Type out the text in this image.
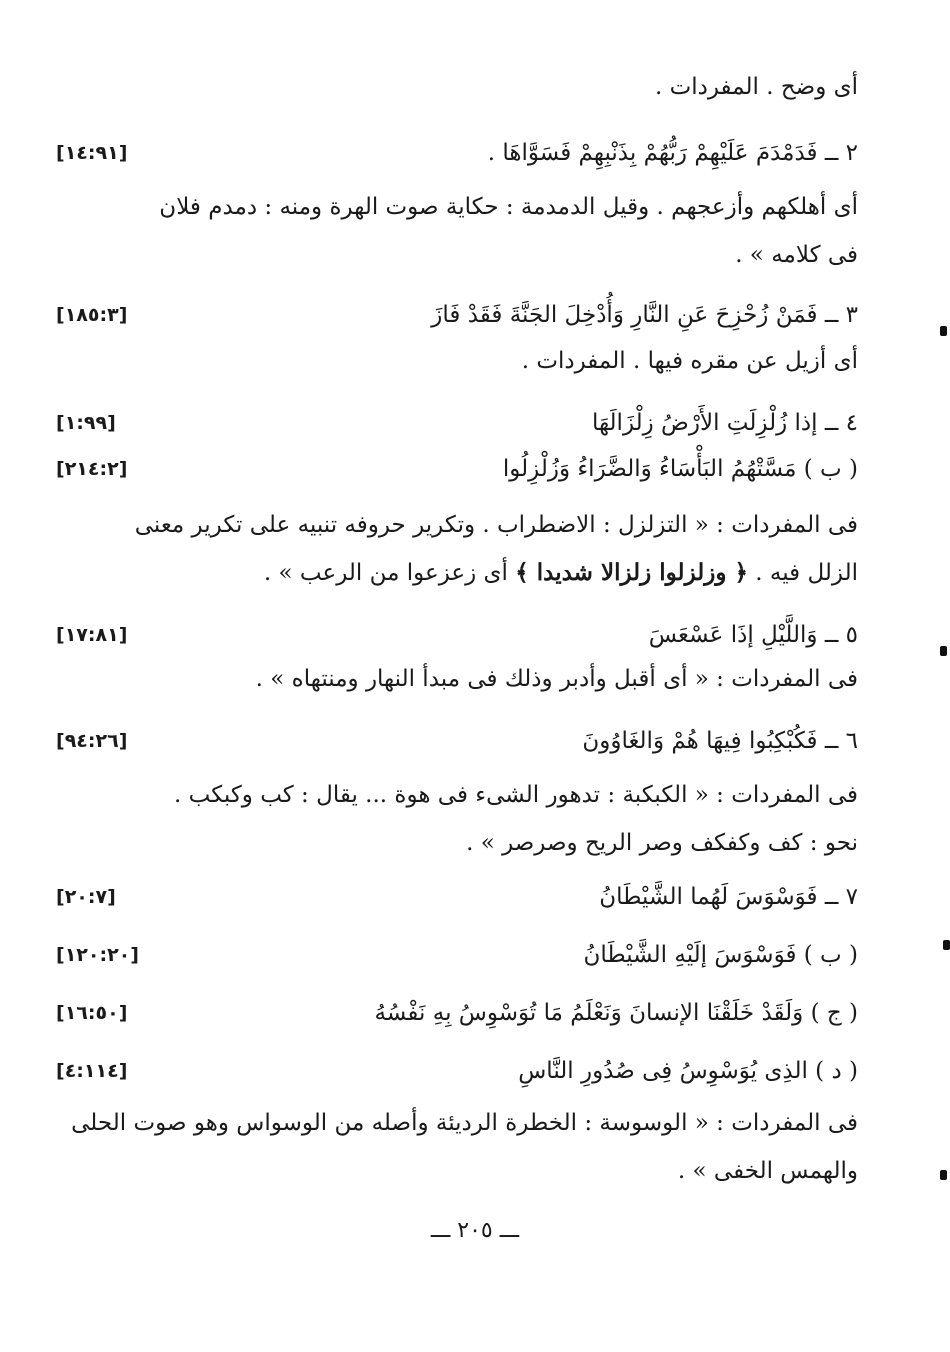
أى وضح . المفردات .
٢ ــ فَدَمْدَمَ عَلَيْهِمْ رَبُّهُمْ بِذَنْبِهِمْ فَسَوَّاهَا .
[١٤:٩١]
أى أهلكهم وأزعجهم . وقيل الدمدمة : حكاية صوت الهرة ومنه : دمدم فلان
فى كلامه » .
٣ ــ فَمَنْ زُحْزِحَ عَنِ النَّارِ وَأُدْخِلَ الجَنَّةَ فَقَدْ فَازَ
[١٨٥:٣]
أى أزيل عن مقره فيها . المفردات .
٤ ــ إذا زُلْزِلَتِ الأَرْضُ زِلْزَالَهَا
[١:٩٩]
( ب ) مَسَّتْهُمُ البَأْسَاءُ وَالضَّرَاءُ وَزُلْزِلُوا
[٢١٤:٢]
فى المفردات : « التزلزل : الاضطراب . وتكرير حروفه تنبيه على تكرير معنى
الزلل فيه . ﴿ وزلزلوا زلزالا شديدا ﴾ أى زعزعوا من الرعب » .
٥ ــ وَاللَّيْلِ إذَا عَسْعَسَ
[١٧:٨١]
فى المفردات : « أى أقبل وأدبر وذلك فى مبدأ النهار ومنتهاه » .
٦ ــ فَكُبْكِبُوا فِيهَا هُمْ وَالغَاوُونَ
[٩٤:٢٦]
فى المفردات : « الكبكبة : تدهور الشىء فى هوة ... يقال : كب وكبكب .
نحو : كف وكفكف وصر الريح وصرصر » .
٧ ــ فَوَسْوَسَ لَهُما الشَّيْطَانُ
[٢٠:٧]
( ب ) فَوَسْوَسَ إلَيْهِ الشَّيْطَانُ
[١٢٠:٢٠]
( ج ) وَلَقَدْ خَلَقْنَا الإنسانَ وَنَعْلَمُ مَا تُوَسْوِسُ بِهِ نَفْسُهُ
[١٦:٥٠]
( د ) الذِى يُوَسْوِسُ فِى صُدُورِ النَّاسِ
[٤:١١٤]
فى المفردات : « الوسوسة : الخطرة الرديئة وأصله من الوسواس وهو صوت الحلى
والهمس الخفى » .
ـــ ٢٠٥ ـــ
